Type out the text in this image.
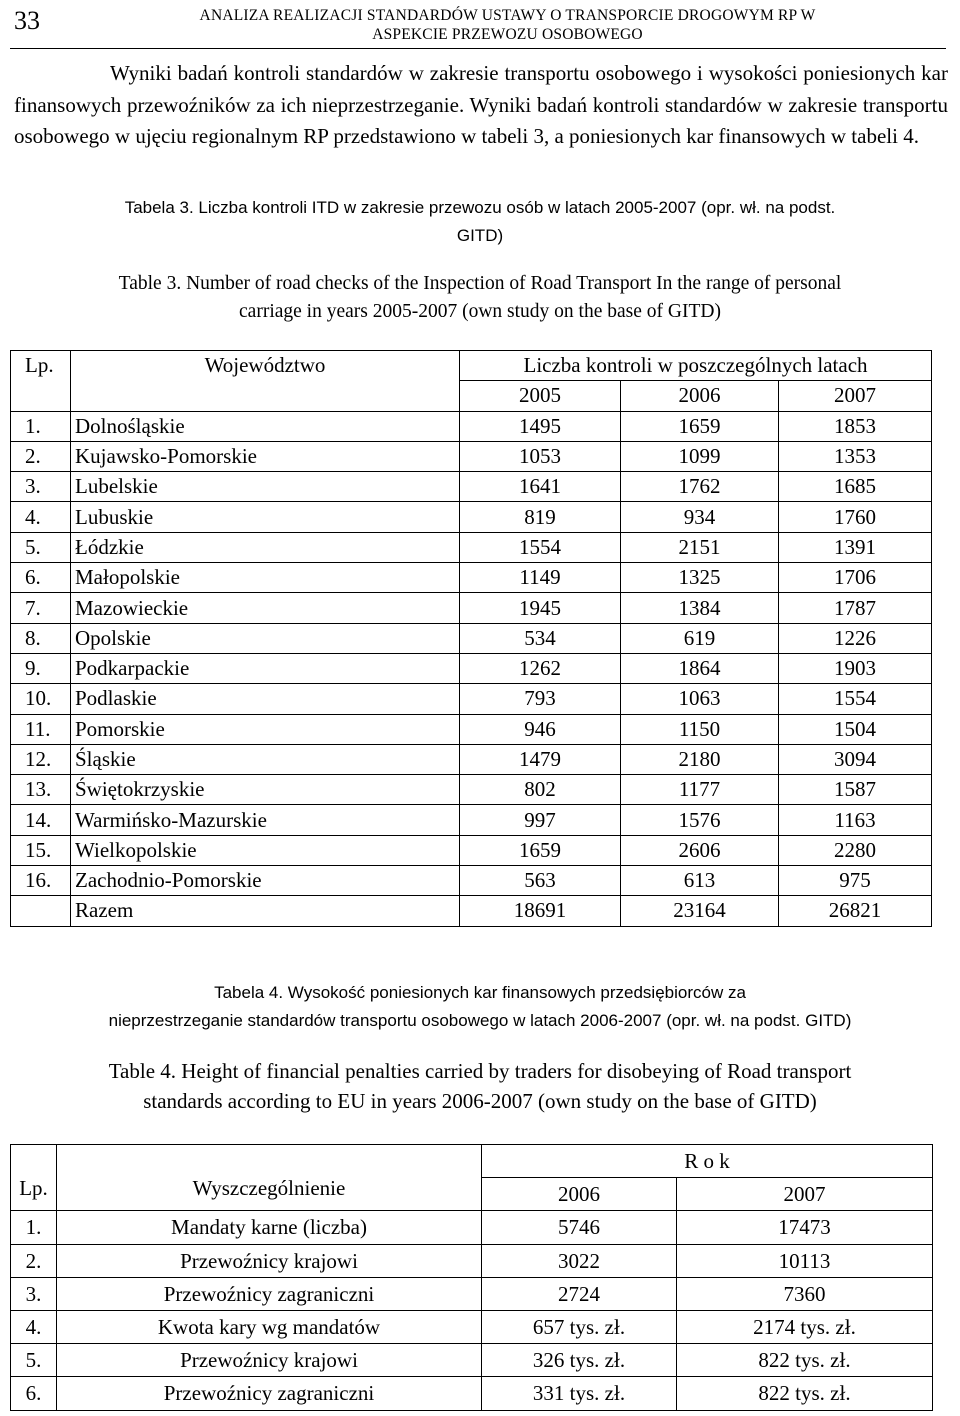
33	ANALIZA REALIZACJI STANDARDÓW USTAWY O TRANSPORCIE DROGOWYM RP W
ASPEKCIE PRZEWOZU OSOBOWEGO

Wyniki badań kontroli standardów w zakresie transportu osobowego i wysokości poniesionych kar finansowych przewoźników za ich nieprzestrzeganie. Wyniki badań kontroli standardów w zakresie transportu osobowego w ujęciu regionalnym RP przedstawiono w tabeli 3, a poniesionych kar finansowych w tabeli 4.

Tabela 3. Liczba kontroli ITD w zakresie przewozu osób w latach 2005-2007 (opr. wł. na podst.

GITD)

Table 3. Number of road checks of the Inspection of Road Transport In the range of personal

carriage in years 2005-2007 (own study on the base of GITD)

Lp.	Województwo	Liczba kontroli w poszczególnych latach		
		2005	2006	2007
1.	Dolnośląskie	1495	1659	1853
2.	Kujawsko-Pomorskie	1053	1099	1353
3.	Lubelskie	1641	1762	1685
4.	Lubuskie	819	934	1760
5.	Łódzkie	1554	2151	1391
6.	Małopolskie	1149	1325	1706
7.	Mazowieckie	1945	1384	1787
8.	Opolskie	534	619	1226
9.	Podkarpackie	1262	1864	1903
10.	Podlaskie	793	1063	1554
11.	Pomorskie	946	1150	1504
12.	Śląskie	1479	2180	3094
13.	Świętokrzyskie	802	1177	1587
14.	Warmińsko-Mazurskie	997	1576	1163
15.	Wielkopolskie	1659	2606	2280
16.	Zachodnio-Pomorskie	563	613	975
	Razem	18691	23164	26821

Tabela 4. Wysokość poniesionych kar finansowych przedsiębiorców za

nieprzestrzeganie standardów transportu osobowego w latach 2006-2007 (opr. wł. na podst. GITD)

Table 4. Height of financial penalties carried by traders for disobeying of Road transport

standards according to EU in years 2006-2007 (own study on the base of GITD)

Lp.	Wyszczególnienie	R o k	
		2006	2007
1.	Mandaty karne (liczba)	5746	17473
2.	Przewoźnicy krajowi	3022	10113
3.	Przewoźnicy zagraniczni	2724	7360
4.	Kwota kary wg mandatów	657 tys. zł.	2174 tys. zł.
5.	Przewoźnicy krajowi	326 tys. zł.	822 tys. zł.
6.	Przewoźnicy zagraniczni	331 tys. zł.	822 tys. zł.
